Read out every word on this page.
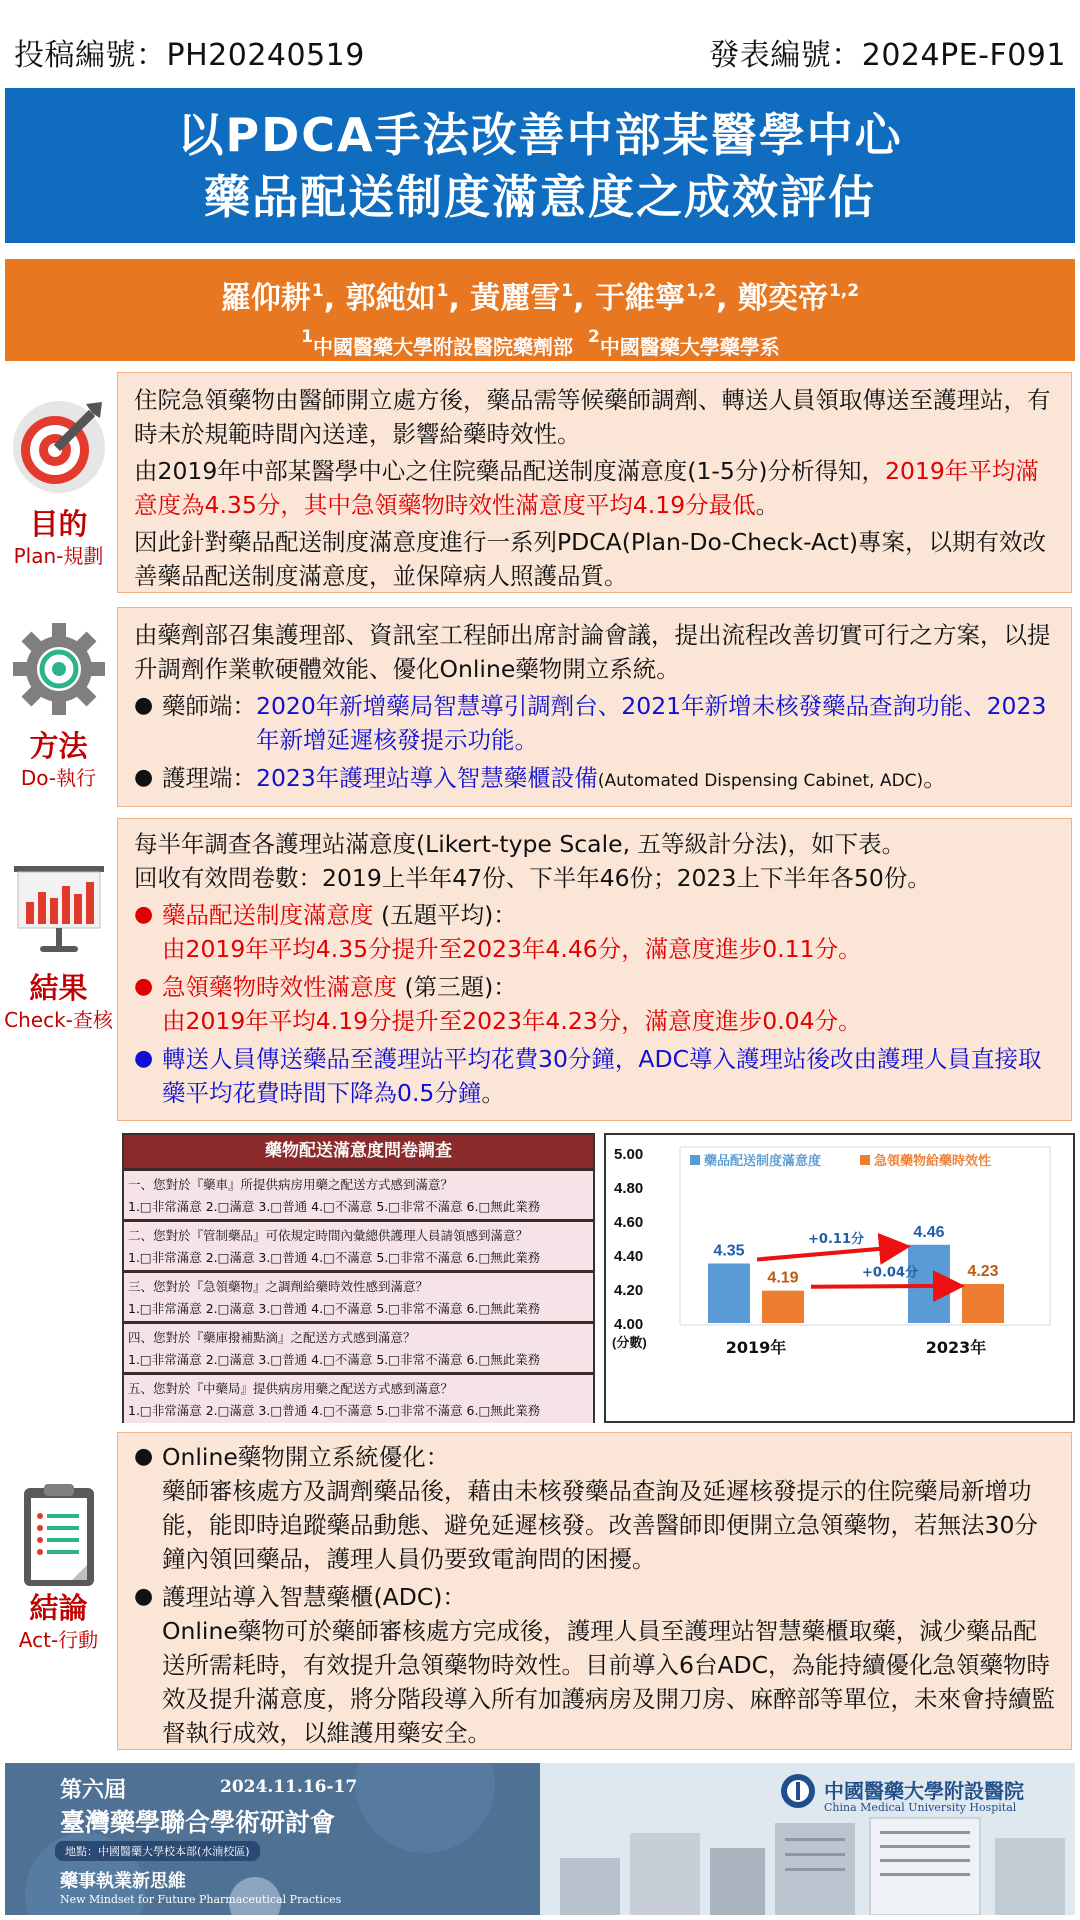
投稿編號：PH20240519	發表編號：2024PE-F091
以PDCA手法改善中部某醫學中心
藥品配送制度滿意度之成效評估
羅仰耕$^1$, 郭純如$^1$, 黃麗雪$^1$, 于維寧$^{1,2}$, 鄭奕帝$^{1,2}$
$^1$中國醫藥大學附設醫院藥劑部 $^2$中國醫藥大學藥學系
目的
Plan-規劃

住院急領藥物由醫師開立處方後，藥品需等候藥師調劑、轉送人員領取傳送至護理站，有時未於規範時間內送達，影響給藥時效性。

由2019年中部某醫學中心之住院藥品配送制度滿意度(1-5分)分析得知，2019年平均滿意度為4.35分，其中急領藥物時效性滿意度平均4.19分最低。

因此針對藥品配送制度滿意度進行一系列PDCA(Plan-Do-Check-Act)專案，以期有效改善藥品配送制度滿意度，並保障病人照護品質。

方法
Do-執行

由藥劑部召集護理部、資訊室工程師出席討論會議，提出流程改善切實可行之方案，以提升調劑作業軟硬體效能、優化Online藥物開立系統。

● 藥師端： 2020年新增藥局智慧導引調劑台、2021年新增未核發藥品查詢功能、2023年新增延遲核發提示功能。
● 護理端： 2023年護理站導入智慧藥櫃設備(Automated Dispensing Cabinet, ADC)。
結果
Check-查核

每半年調查各護理站滿意度(Likert-type Scale, 五等級計分法)，如下表。

回收有效問卷數：2019上半年47份、下半年46份；2023上下半年各50份。

● 藥品配送制度滿意度 (五題平均)：
由2019年平均4.35分提升至2023年4.46分，滿意度進步0.11分。
● 急領藥物時效性滿意度 (第三題)：
由2019年平均4.19分提升至2023年4.23分，滿意度進步0.04分。
● 轉送人員傳送藥品至護理站平均花費30分鐘，ADC導入護理站後改由護理人員直接取藥平均花費時間下降為0.5分鐘。
藥物配送滿意度問卷調查
一、您對於『藥車』所提供病房用藥之配送方式感到滿意？
1.□非常滿意 2.□滿意 3.□普通 4.□不滿意 5.□非常不滿意 6.□無此業務
二、您對於『管制藥品』可依規定時間內彙總供護理人員請領感到滿意？
1.□非常滿意 2.□滿意 3.□普通 4.□不滿意 5.□非常不滿意 6.□無此業務
三、您對於『急領藥物』之調劑給藥時效性感到滿意？
1.□非常滿意 2.□滿意 3.□普通 4.□不滿意 5.□非常不滿意 6.□無此業務
四、您對於『藥庫撥補點滴』之配送方式感到滿意？
1.□非常滿意 2.□滿意 3.□普通 4.□不滿意 5.□非常不滿意 6.□無此業務
五、您對於『中藥局』提供病房用藥之配送方式感到滿意？
1.□非常滿意 2.□滿意 3.□普通 4.□不滿意 5.□非常不滿意 6.□無此業務
5.00
4.80
4.60
4.40
4.20
4.00
(分數)
藥品配送制度滿意度	急領藥物給藥時效性
4.35
4.19
2019年
4.46
4.23
2023年
+0.11分
+0.04分
結論
Act-行動
● Online藥物開立系統優化：
藥師審核處方及調劑藥品後，藉由未核發藥品查詢及延遲核發提示的住院藥局新增功能，能即時追蹤藥品動態、避免延遲核發。改善醫師即便開立急領藥物，若無法30分鐘內領回藥品，護理人員仍要致電詢問的困擾。
● 護理站導入智慧藥櫃(ADC)：
Online藥物可於藥師審核處方完成後，護理人員至護理站智慧藥櫃取藥，減少藥品配送所需耗時，有效提升急領藥物時效性。目前導入6台ADC，為能持續優化急領藥物時效及提升滿意度，將分階段導入所有加護病房及開刀房、麻醉部等單位，未來會持續監督執行成效，以維護用藥安全。
第六屆	2024.11.16-17
臺灣藥學聯合學術研討會
地點：中國醫藥大學校本部(水湳校區)
藥事執業新思維
New Mindset for Future Pharmaceutical Practices
中國醫藥大學附設醫院
China Medical University Hospital
